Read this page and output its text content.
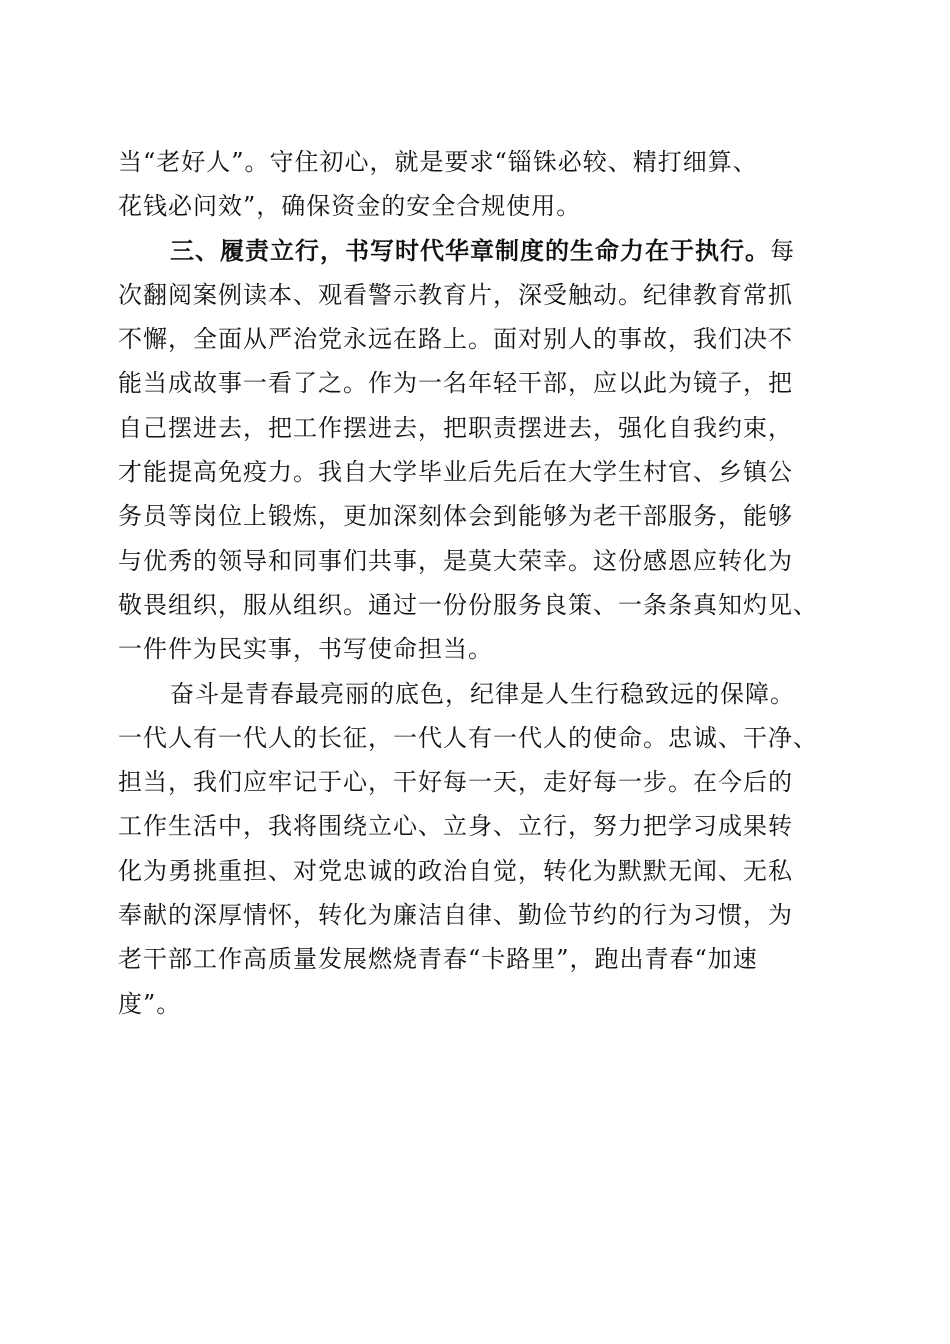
当“老好人”。守住初心，就是要求“锱铢必较、精打细算、
花钱必问效”，确保资金的安全合规使用。
三、履责立行，书写时代华章制度的生命力在于执行。每
次翻阅案例读本、观看警示教育片，深受触动。纪律教育常抓
不懈，全面从严治党永远在路上。面对别人的事故，我们决不
能当成故事一看了之。作为一名年轻干部，应以此为镜子，把
自己摆进去，把工作摆进去，把职责摆进去，强化自我约束，
才能提高免疫力。我自大学毕业后先后在大学生村官、乡镇公
务员等岗位上锻炼，更加深刻体会到能够为老干部服务，能够
与优秀的领导和同事们共事，是莫大荣幸。这份感恩应转化为
敬畏组织，服从组织。通过一份份服务良策、一条条真知灼见、
一件件为民实事，书写使命担当。
奋斗是青春最亮丽的底色，纪律是人生行稳致远的保障。
一代人有一代人的长征，一代人有一代人的使命。忠诚、干净、
担当，我们应牢记于心，干好每一天，走好每一步。在今后的
工作生活中，我将围绕立心、立身、立行，努力把学习成果转
化为勇挑重担、对党忠诚的政治自觉，转化为默默无闻、无私
奉献的深厚情怀，转化为廉洁自律、勤俭节约的行为习惯，为
老干部工作高质量发展燃烧青春“卡路里”，跑出青春“加速
度”。
